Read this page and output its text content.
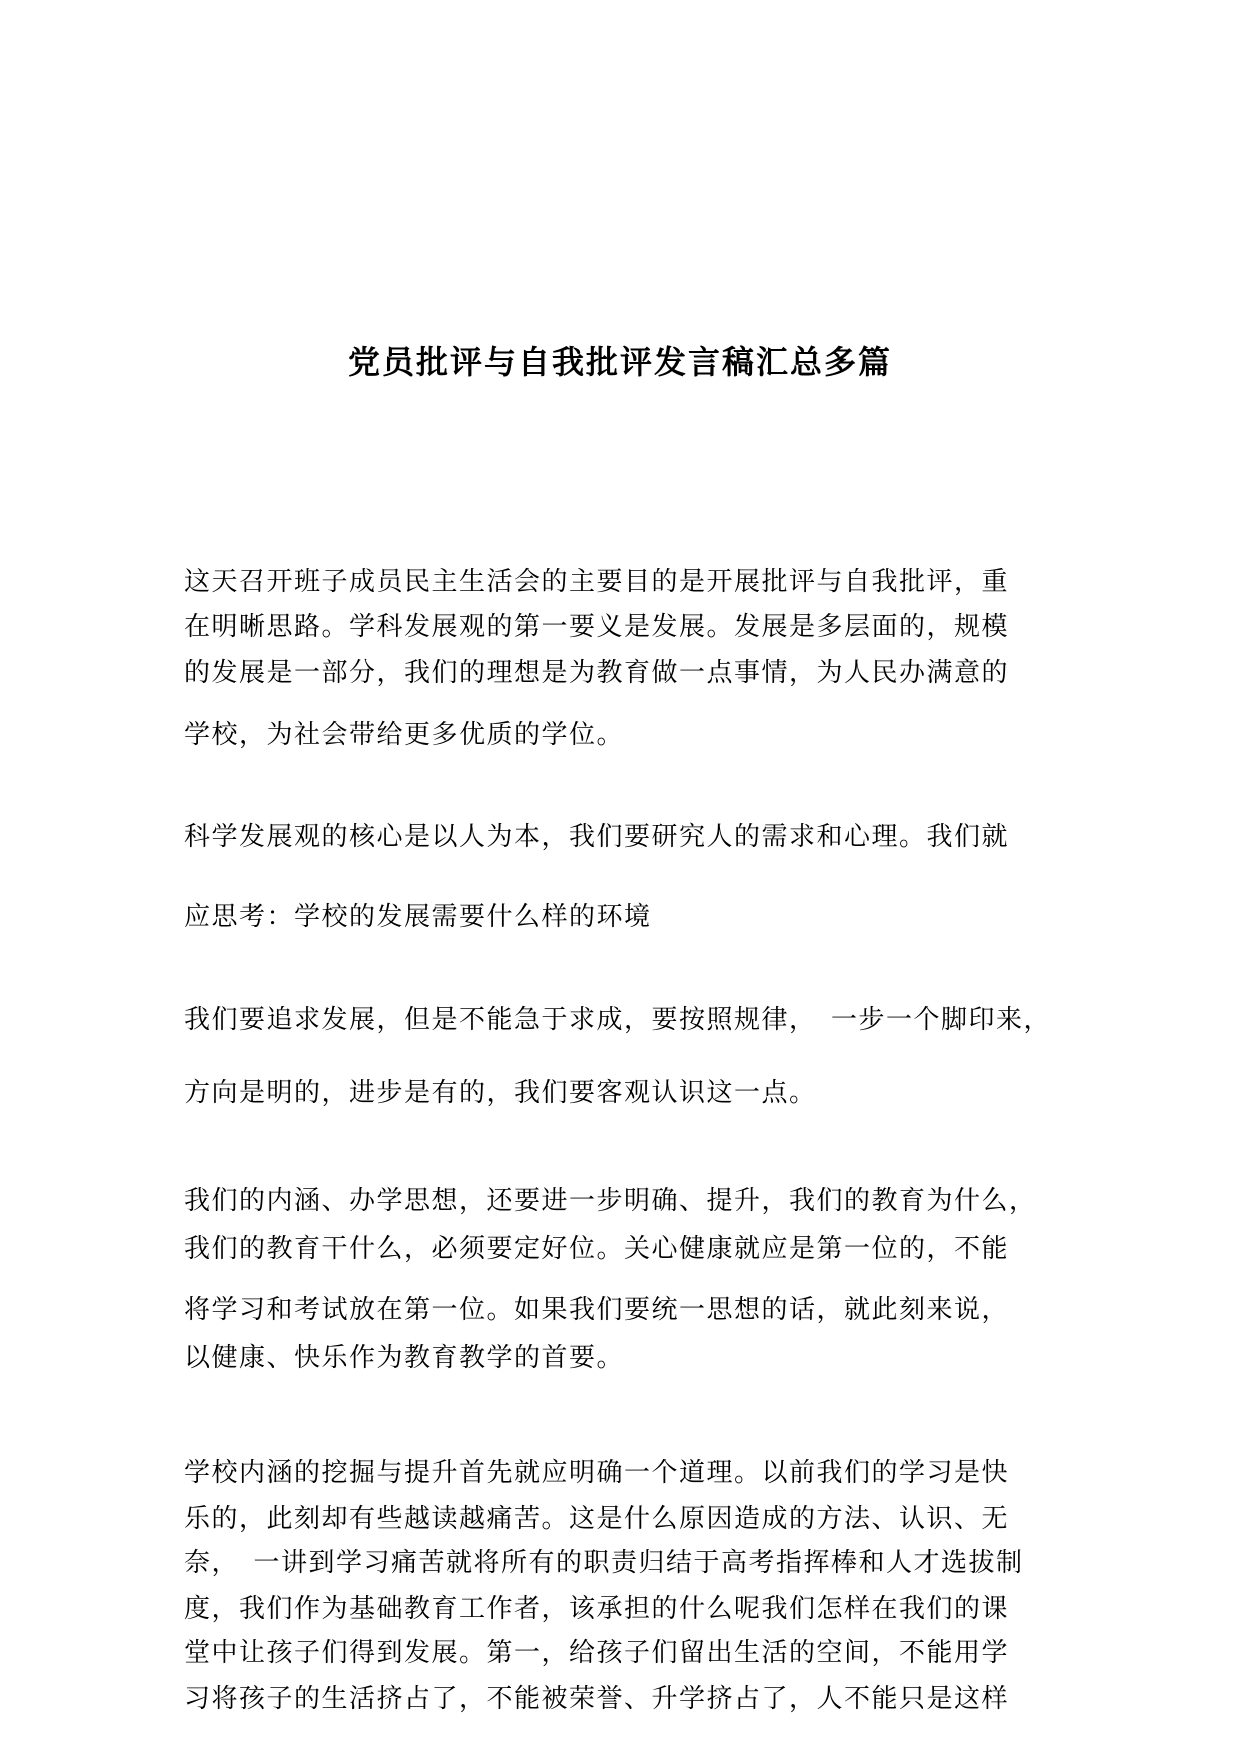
党员批评与自我批评发言稿汇总多篇
这天召开班子成员民主生活会的主要目的是开展批评与自我批评，重
在明晰思路。学科发展观的第一要义是发展。发展是多层面的，规模
的发展是一部分，我们的理想是为教育做一点事情，为人民办满意的
学校，为社会带给更多优质的学位。
科学发展观的核心是以人为本，我们要研究人的需求和心理。我们就
应思考：学校的发展需要什么样的环境
我们要追求发展，但是不能急于求成，要按照规律，　一步一个脚印来，
方向是明的，进步是有的，我们要客观认识这一点。
我们的内涵、办学思想，还要进一步明确、提升，我们的教育为什么，
我们的教育干什么，必须要定好位。关心健康就应是第一位的，不能
将学习和考试放在第一位。如果我们要统一思想的话，就此刻来说，
以健康、快乐作为教育教学的首要。
学校内涵的挖掘与提升首先就应明确一个道理。以前我们的学习是快
乐的，此刻却有些越读越痛苦。这是什么原因造成的方法、认识、无
奈，　一讲到学习痛苦就将所有的职责归结于高考指挥棒和人才选拔制
度，我们作为基础教育工作者，该承担的什么呢我们怎样在我们的课
堂中让孩子们得到发展。第一，给孩子们留出生活的空间，不能用学
习将孩子的生活挤占了，不能被荣誉、升学挤占了，人不能只是这样
